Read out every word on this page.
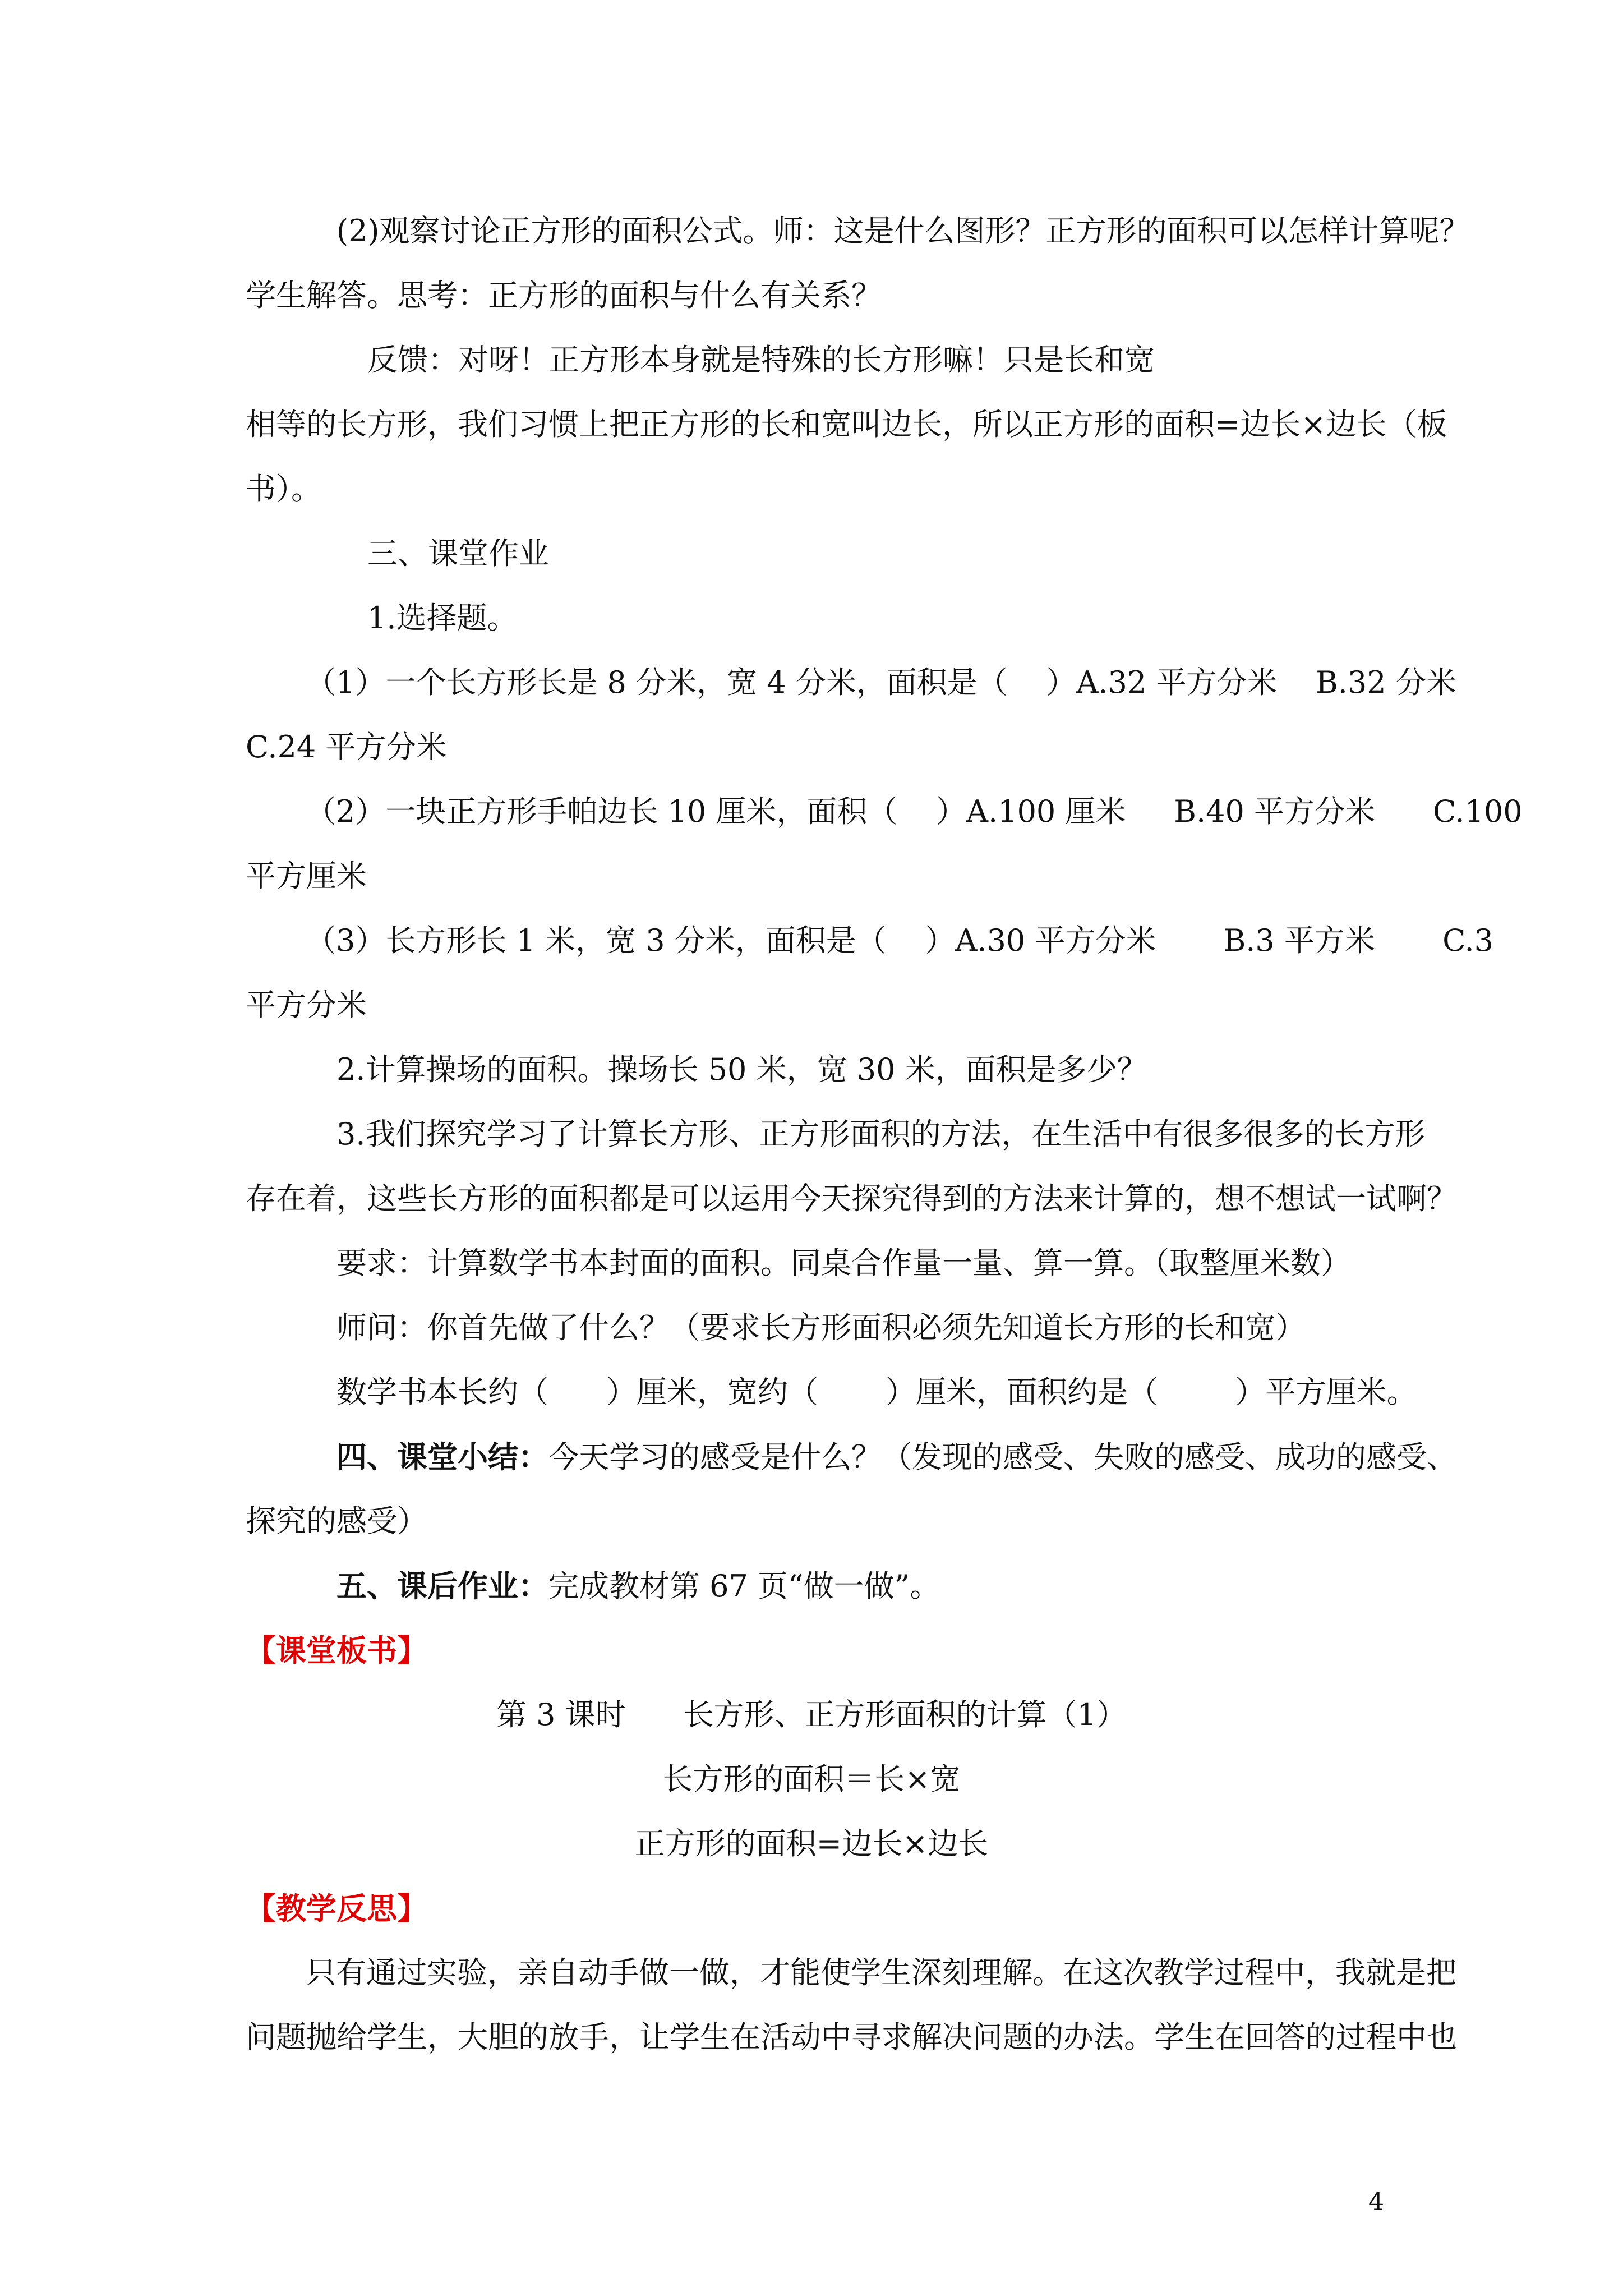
(2)观察讨论正方形的面积公式。师：这是什么图形？正方形的面积可以怎样计算呢？
学生解答。思考：正方形的面积与什么有关系？
反馈：对呀！正方形本身就是特殊的长方形嘛！只是长和宽
相等的长方形，我们习惯上把正方形的长和宽叫边长，所以正方形的面积=边长×边长（板
书）。
三、课堂作业
1.选择题。
（1）一个长方形长是 8 分米，宽 4 分米，面积是（    ）A.32 平方分米    B.32 分米
C.24 平方分米
（2）一块正方形手帕边长 10 厘米，面积（    ）A.100 厘米     B.40 平方分米      C.100
平方厘米
（3）长方形长 1 米，宽 3 分米，面积是（    ）A.30 平方分米       B.3 平方米       C.3
平方分米
2.计算操场的面积。操场长 50 米，宽 30 米，面积是多少？
3.我们探究学习了计算长方形、正方形面积的方法，在生活中有很多很多的长方形
存在着，这些长方形的面积都是可以运用今天探究得到的方法来计算的，想不想试一试啊？
要求：计算数学书本封面的面积。同桌合作量一量、算一算。（取整厘米数）
师问：你首先做了什么？（要求长方形面积必须先知道长方形的长和宽）
数学书本长约（      ）厘米，宽约（       ）厘米，面积约是（        ）平方厘米。
四、课堂小结：今天学习的感受是什么？（发现的感受、失败的感受、成功的感受、
探究的感受）
五、课后作业：完成教材第 67 页“做一做”。
【课堂板书】
第 3 课时      长方形、正方形面积的计算（1）
长方形的面积＝长×宽
正方形的面积=边长×边长
【教学反思】
只有通过实验，亲自动手做一做，才能使学生深刻理解。在这次教学过程中，我就是把
问题抛给学生，大胆的放手，让学生在活动中寻求解决问题的办法。学生在回答的过程中也
4
